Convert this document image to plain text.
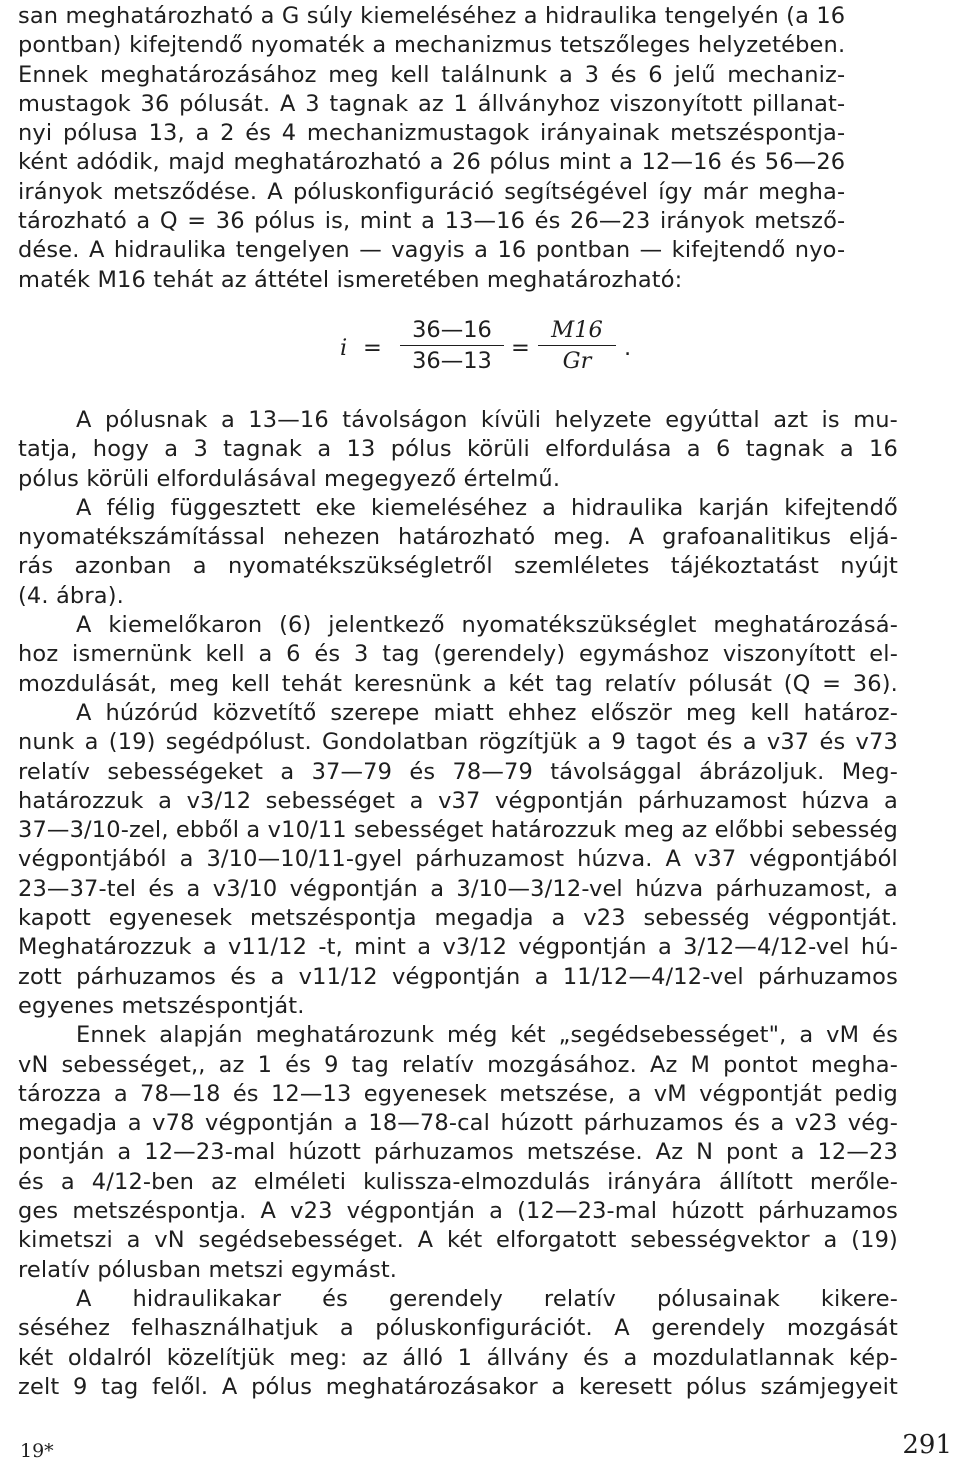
san meghatározható a G súly kiemeléséhez a hidraulika tengelyén (a 16
pontban) kifejtendő nyomaték a mechanizmus tetszőleges helyzetében.
Ennek meghatározásához meg kell találnunk a 3 és 6 jelű mechaniz-
mustagok 36 pólusát. A 3 tagnak az 1 állványhoz viszonyított pillanat-
nyi pólusa 13, a 2 és 4 mechanizmustagok irányainak metszéspontja-
ként adódik, majd meghatározható a 26 pólus mint a 12—16 és 56—26
irányok metsződése. A póluskonfiguráció segítségével így már megha-
tározható a Q = 36 pólus is, mint a 13—16 és 26—23 irányok metsző-
dése. A hidraulika tengelyen — vagyis a 16 pontban — kifejtendő nyo-
maték M16 tehát az áttétel ismeretében meghatározható:
$i = \frac{36—16}{36—13} = \frac{M16}{Gr}$ .
A pólusnak a 13—16 távolságon kívüli helyzete egyúttal azt is mu-
tatja, hogy a 3 tagnak a 13 pólus körüli elfordulása a 6 tagnak a 16
pólus körüli elfordulásával megegyező értelmű.
A félig függesztett eke kiemeléséhez a hidraulika karján kifejtendő
nyomatékszámítással nehezen határozható meg. A grafoanalitikus eljá-
rás azonban a nyomatékszükségletről szemléletes tájékoztatást nyújt
(4. ábra).
A kiemelőkaron (6) jelentkező nyomatékszükséglet meghatározásá-
hoz ismernünk kell a 6 és 3 tag (gerendely) egymáshoz viszonyított el-
mozdulását, meg kell tehát keresnünk a két tag relatív pólusát (Q = 36).
A húzórúd közvetítő szerepe miatt ehhez először meg kell határoz-
nunk a (19) segédpólust. Gondolatban rögzítjük a 9 tagot és a v37 és v73
relatív sebességeket a 37—79 és 78—79 távolsággal ábrázoljuk. Meg-
határozzuk a v3/12 sebességet a v37 végpontján párhuzamost húzva a
37—3/10-zel, ebből a v10/11 sebességet határozzuk meg az előbbi sebesség
végpontjából a 3/10—10/11-gyel párhuzamost húzva. A v37 végpontjából
23—37-tel és a v3/10 végpontján a 3/10—3/12-vel húzva párhuzamost, a
kapott egyenesek metszéspontja megadja a v23 sebesség végpontját.
Meghatározzuk a v11/12 -t, mint a v3/12 végpontján a 3/12—4/12-vel hú-
zott párhuzamos és a v11/12 végpontján a 11/12—4/12-vel párhuzamos
egyenes metszéspontját.
Ennek alapján meghatározunk még két „segédsebességet", a vM és
vN sebességet,, az 1 és 9 tag relatív mozgásához. Az M pontot megha-
tározza a 78—18 és 12—13 egyenesek metszése, a vM végpontját pedig
megadja a v78 végpontján a 18—78-cal húzott párhuzamos és a v23 vég-
pontján a 12—23-mal húzott párhuzamos metszése. Az N pont a 12—23
és a 4/12-ben az elméleti kulissza-elmozdulás irányára állított merőle-
ges metszéspontja. A v23 végpontján a (12—23-mal húzott párhuzamos
kimetszi a vN segédsebességet. A két elforgatott sebességvektor a (19)
relatív pólusban metszi egymást.
A hidraulikakar és gerendely relatív pólusainak kikere-
séséhez felhasználhatjuk a póluskonfigurációt. A gerendely mozgását
két oldalról közelítjük meg: az álló 1 állvány és a mozdulatlannak kép-
zelt 9 tag felől. A pólus meghatározásakor a keresett pólus számjegyeit
19*	291
